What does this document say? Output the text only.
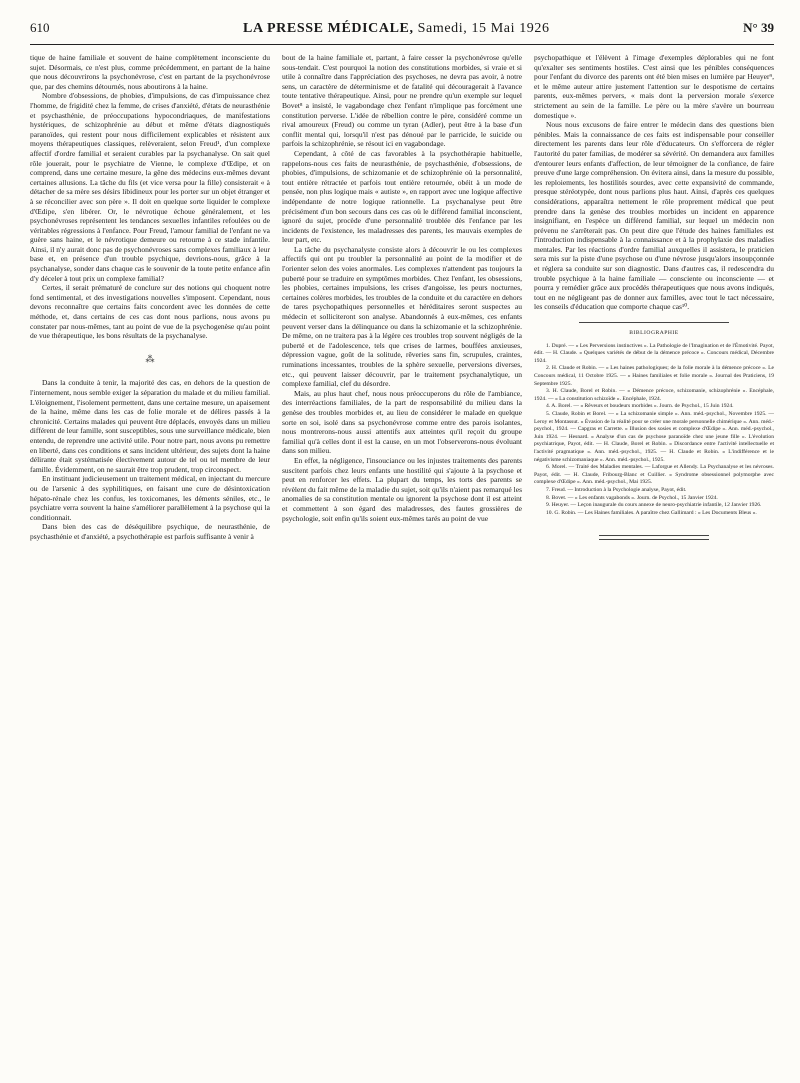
610	LA PRESSE MÉDICALE, Samedi, 15 Mai 1926	N° 39

tique de haine familiale et souvent de haine complètement inconsciente du sujet. Désormais, ce n'est plus, comme précédemment, en partant de la haine que nous découvrirons la psychonévrose, c'est en partant de la psychonévrose que, par des chemins détournés, nous aboutirons à la haine.

Nombre d'obsessions, de phobies, d'impulsions, de cas d'impuissance chez l'homme, de frigidité chez la femme, de crises d'anxiété, d'états de neurasthénie et psychasthénie, de préoccupations hypocondriaques, de manifestations hystériques, de schizophrénie au début et même d'états diagnostiqués paranoïdes, qui restent pour nous difficilement explicables et résistent aux moyens thérapeutiques classiques, relèveraient, selon Freud¹, d'un complexe affectif d'ordre familial et seraient curables par la psychanalyse. On sait quel rôle jouerait, pour le psychiatre de Vienne, le complexe d'Œdipe, et on comprend, dans une certaine mesure, la gêne des médecins eux-mêmes devant certaines allusions. La tâche du fils (et vice versa pour la fille) consisterait « à détacher de sa mère ses désirs libidineux pour les porter sur un objet étranger et à se réconcilier avec son père ». Il doit en quelque sorte liquider le complexe d'Œdipe, s'en libérer. Or, le névrotique échoue généralement, et les psychonévroses représentent les tendances sexuelles infantiles refoulées ou de véritables régressions à l'enfance. Pour Freud, l'amour familial de l'enfant ne va guère sans haine, et le névrotique demeure ou retourne à ce stade infantile. Ainsi, il n'y aurait donc pas de psychonévroses sans complexes familiaux à leur base et, en présence d'un trouble psychique, devrions-nous, grâce à la psychanalyse, sonder dans chaque cas le souvenir de la toute petite enfance afin d'y déceler à tout prix un complexe familial?

Certes, il serait prématuré de conclure sur des notions qui choquent notre fond sentimental, et des investigations nouvelles s'imposent. Cependant, nous devons reconnaître que certains faits concordent avec les données de cette méthode, et, dans certains de ces cas dont nous parlions, nous avons pu constater par nous-mêmes, tant au point de vue de la psychogenèse qu'au point de vue thérapeutique, les bons résultats de la psychanalyse.

⁂

Dans la conduite à tenir, la majorité des cas, en dehors de la question de l'internement, nous semble exiger la séparation du malade et du milieu familial. L'éloignement, l'isolement permettent, dans une certaine mesure, un apaisement de la haine, même dans les cas de folie morale et de délires passés à la chronicité. Certains malades qui peuvent être déplacés, envoyés dans un milieu différent de leur famille, sont susceptibles, sous une surveillance médicale, bien entendu, de reprendre une activité utile. Pour notre part, nous avons pu remettre en liberté, dans ces conditions et sans incident ultérieur, des sujets dont la haine délirante était systématisée électivement autour de tel ou tel membre de leur famille. Évidemment, on ne saurait être trop prudent, trop circonspect.

En instituant judicieusement un traitement médical, en injectant du mercure ou de l'arsenic à des syphilitiques, en faisant une cure de désintoxication hépato-rénale chez les confus, les toxicomanes, les déments séniles, etc., le psychiatre verra souvent la haine s'améliorer parallèlement à la psychose qui la conditionnait.

Dans bien des cas de déséquilibre psychique, de neurasthénie, de psychasthénie et d'anxiété, a psychothérapie est parfois suffisante à venir à

bout de la haine familiale et, partant, à faire cesser la psychonévrose qu'elle sous-tendait. C'est pourquoi la notion des constitutions morbides, si vraie et si utile à connaître dans l'appréciation des psychoses, ne devra pas avoir, à notre sens, un caractère de déterminisme et de fatalité qui découragerait à l'avance toute tentative thérapeutique. Ainsi, pour ne prendre qu'un exemple sur lequel Bovet⁸ a insisté, le vagabondage chez l'enfant n'implique pas forcément une constitution perverse. L'idée de rébellion contre le père, considéré comme un rival amoureux (Freud) ou comme un tyran (Adler), peut être à la base d'un conflit mental qui, lorsqu'il n'est pas dénoué par le parricide, le suicide ou parfois la schizophrénie, se résout ici en vagabondage.

Cependant, à côté de cas favorables à la psychothérapie habituelle, rappelons-nous ces faits de neurasthénie, de psychasthénie, d'obsessions, de phobies, d'impulsions, de schizomanie et de schizophrénie où la personnalité, tout entière rétractée et parfois tout entière retournée, obéit à un mode de pensée, non plus logique mais « autiste », en rapport avec une logique affective indépendante de notre logique rationnelle. La psychanalyse peut être précisément d'un bon secours dans ces cas où le différend familial inconscient, ignoré du sujet, procède d'une personnalité troublée dès l'enfance par les incidents de l'existence, les maladresses des parents, les mauvais exemples de leur part, etc.

La tâche du psychanalyste consiste alors à découvrir le ou les complexes affectifs qui ont pu troubler la personnalité au point de la modifier et de l'orienter selon des voies anormales. Les complexes n'attendent pas toujours la puberté pour se traduire en symptômes morbides. Chez l'enfant, les obsessions, les phobies, certaines impulsions, les crises d'angoisse, les peurs nocturnes, certaines colères morbides, les troubles de la conduite et du caractère en dehors de tares psychopathiques personnelles et héréditaires seront suspectes au médecin et solliciteront son analyse. Abandonnés à eux-mêmes, ces enfants peuvent verser dans la délinquance ou dans la schizomanie et la schizophrénie. De même, on ne traitera pas à la légère ces troubles trop souvent négligés de la puberté et de l'adolescence, tels que crises de larmes, bouffées anxieuses, dépression vague, goût de la solitude, rêveries sans fin, scrupules, craintes, ruminations incessantes, troubles de la sphère sexuelle, perversions diverses, etc., qui peuvent laisser découvrir, par le traitement psychanalytique, un complexe familial, clef du désordre.

Mais, au plus haut chef, nous nous préoccuperons du rôle de l'ambiance, des interréactions familiales, de la part de responsabilité du milieu dans la genèse des troubles morbides et, au lieu de considérer le malade en quelque sorte en soi, isolé dans sa psychonévrose comme entre des parois isolantes, nous montrerons-nous aussi attentifs aux atteintes qu'il reçoit du groupe familial qu'à celles dont il est la cause, en un mot l'observerons-nous évoluant dans son milieu.

En effet, la négligence, l'insouciance ou les injustes traitements des parents suscitent parfois chez leurs enfants une hostilité qui s'ajoute à la psychose et peut en renforcer les effets. La plupart du temps, les torts des parents se révèlent du fait même de la maladie du sujet, soit qu'ils n'aient pas remarqué les anomalies de sa constitution mentale ou ignorent la psychose dont il est atteint et commettent à son égard des maladresses, des fautes grossières de psychologie, soit enfin qu'ils soient eux-mêmes tarés au point de vue

psychopathique et l'élèvent à l'image d'exemples déplorables qui ne font qu'exalter ses sentiments hostiles. C'est ainsi que les pénibles conséquences pour l'enfant du divorce des parents ont été bien mises en lumière par Heuyer⁹, et le même auteur attire justement l'attention sur le despotisme de certains parents, eux-mêmes pervers, « mais dont la perversion morale s'exerce strictement au sein de la famille. Le père ou la mère s'avère un bourreau domestique ».

Nous nous excusons de faire entrer le médecin dans des questions bien pénibles. Mais la connaissance de ces faits est indispensable pour conseiller directement les parents dans leur rôle d'éducateurs. On s'efforcera de régler l'autorité du pater familias, de modérer sa sévérité. On demandera aux familles d'entourer leurs enfants d'affection, de leur témoigner de la confiance, de faire preuve d'une large compréhension. On évitera ainsi, dans la mesure du possible, les reploiements, les hostilités sourdes, avec cette expansivité de commande, presque stéréotypée, dont nous parlions plus haut. Ainsi, d'après ces quelques considérations, apparaîtra nettement le rôle proprement médical que peut prendre dans la genèse des troubles morbides un incident en apparence insignifiant, en l'espèce un différend familial, sur lequel un médecin non prévenu ne s'arrêterait pas. On peut dire que l'étude des haines familiales est l'introduction indispensable à la connaissance et à la prophylaxie des maladies mentales. Par les réactions d'ordre familial auxquelles il assistera, le praticien sera mis sur la piste d'une psychose ou d'une névrose jusqu'alors insoupçonnée et réglera sa conduite sur son diagnostic. Dans d'autres cas, il redescendra du trouble psychique à la haine familiale — consciente ou inconsciente — et pourra y remédier grâce aux procédés thérapeutiques que nous avons indiqués, tout en ne négligeant pas de donner aux familles, avec tout le tact nécessaire, les conseils d'éducation que comporte chaque cas¹⁰.

BIBLIOGRAPHIE

1. Dupré. — « Les Perversions instinctives ». La Pathologie de l'Imagination et de l'Émotivité. Payot, édit. — H. Claude. « Quelques variétés de début de la démence précoce ». Concours médical, Décembre 1924.

2. H. Claude et Robin. — « Les haines pathologiques; de la folie morale à la démence précoce ». Le Concours médical, 11 Octobre 1925. — « Haines familiales et folie morale ». Journal des Praticiens, 19 Septembre 1925.

3. H. Claude, Borel et Robin. — « Démence précoce, schizomanie, schizophrénie ». Encéphale, 1924. — « La constitution schizoïde ». Encéphale, 1924.

4. A. Borel. — « Rêveurs et boudeurs morbides ». Journ. de Psychol., 15 Juin 1924.

5. Claude, Robin et Borel. — « La schizomanie simple ». Ann. méd.-psychol., Novembre 1925. — Leroy et Montassut. « Évasion de la réalité pour se créer une morale personnelle chimérique ». Ann. méd.-psychol., 1924. — Capgras et Carrette. « Illusion des sosies et complexe d'Œdipe ». Ann. méd.-psychol., Juin 1924. — Hesnard. « Analyse d'un cas de psychose paranoïde chez une jeune fille ». L'évolution psychiatrique, Payot, édit. — H. Claude, Borel et Robin. « Discordance entre l'activité intellectuelle et l'activité pragmatique ». Ann. méd.-psychol., 1925. — H. Claude et Robin. « L'indifférence et le négativisme schizomaniaque ». Ann. méd.-psychol., 1925.

6. Morel. — Traité des Maladies mentales. — Laforgue et Allendy. La Psychanalyse et les névroses. Payot, édit. — H. Claude, Fribourg-Blanc et Cuillier. « Syndrome obsessionnel polymorphe avec complexe d'Œdipe ». Ann. méd.-psychol., Mai 1925.

7. Freud. — Introduction à la Psychologie analyse, Payot, édit.

8. Bovet. — « Les enfants vagabonds ». Journ. de Psychol., 15 Janvier 1924.

9. Heuyer. — Leçon inaugurale du cours annexe de neuro-psychiatrie infantile, 12 Janvier 1926.

10. G. Robin. — Les Haines familiales. A paraître chez Gallimard : « Les Documents Bleus ».
